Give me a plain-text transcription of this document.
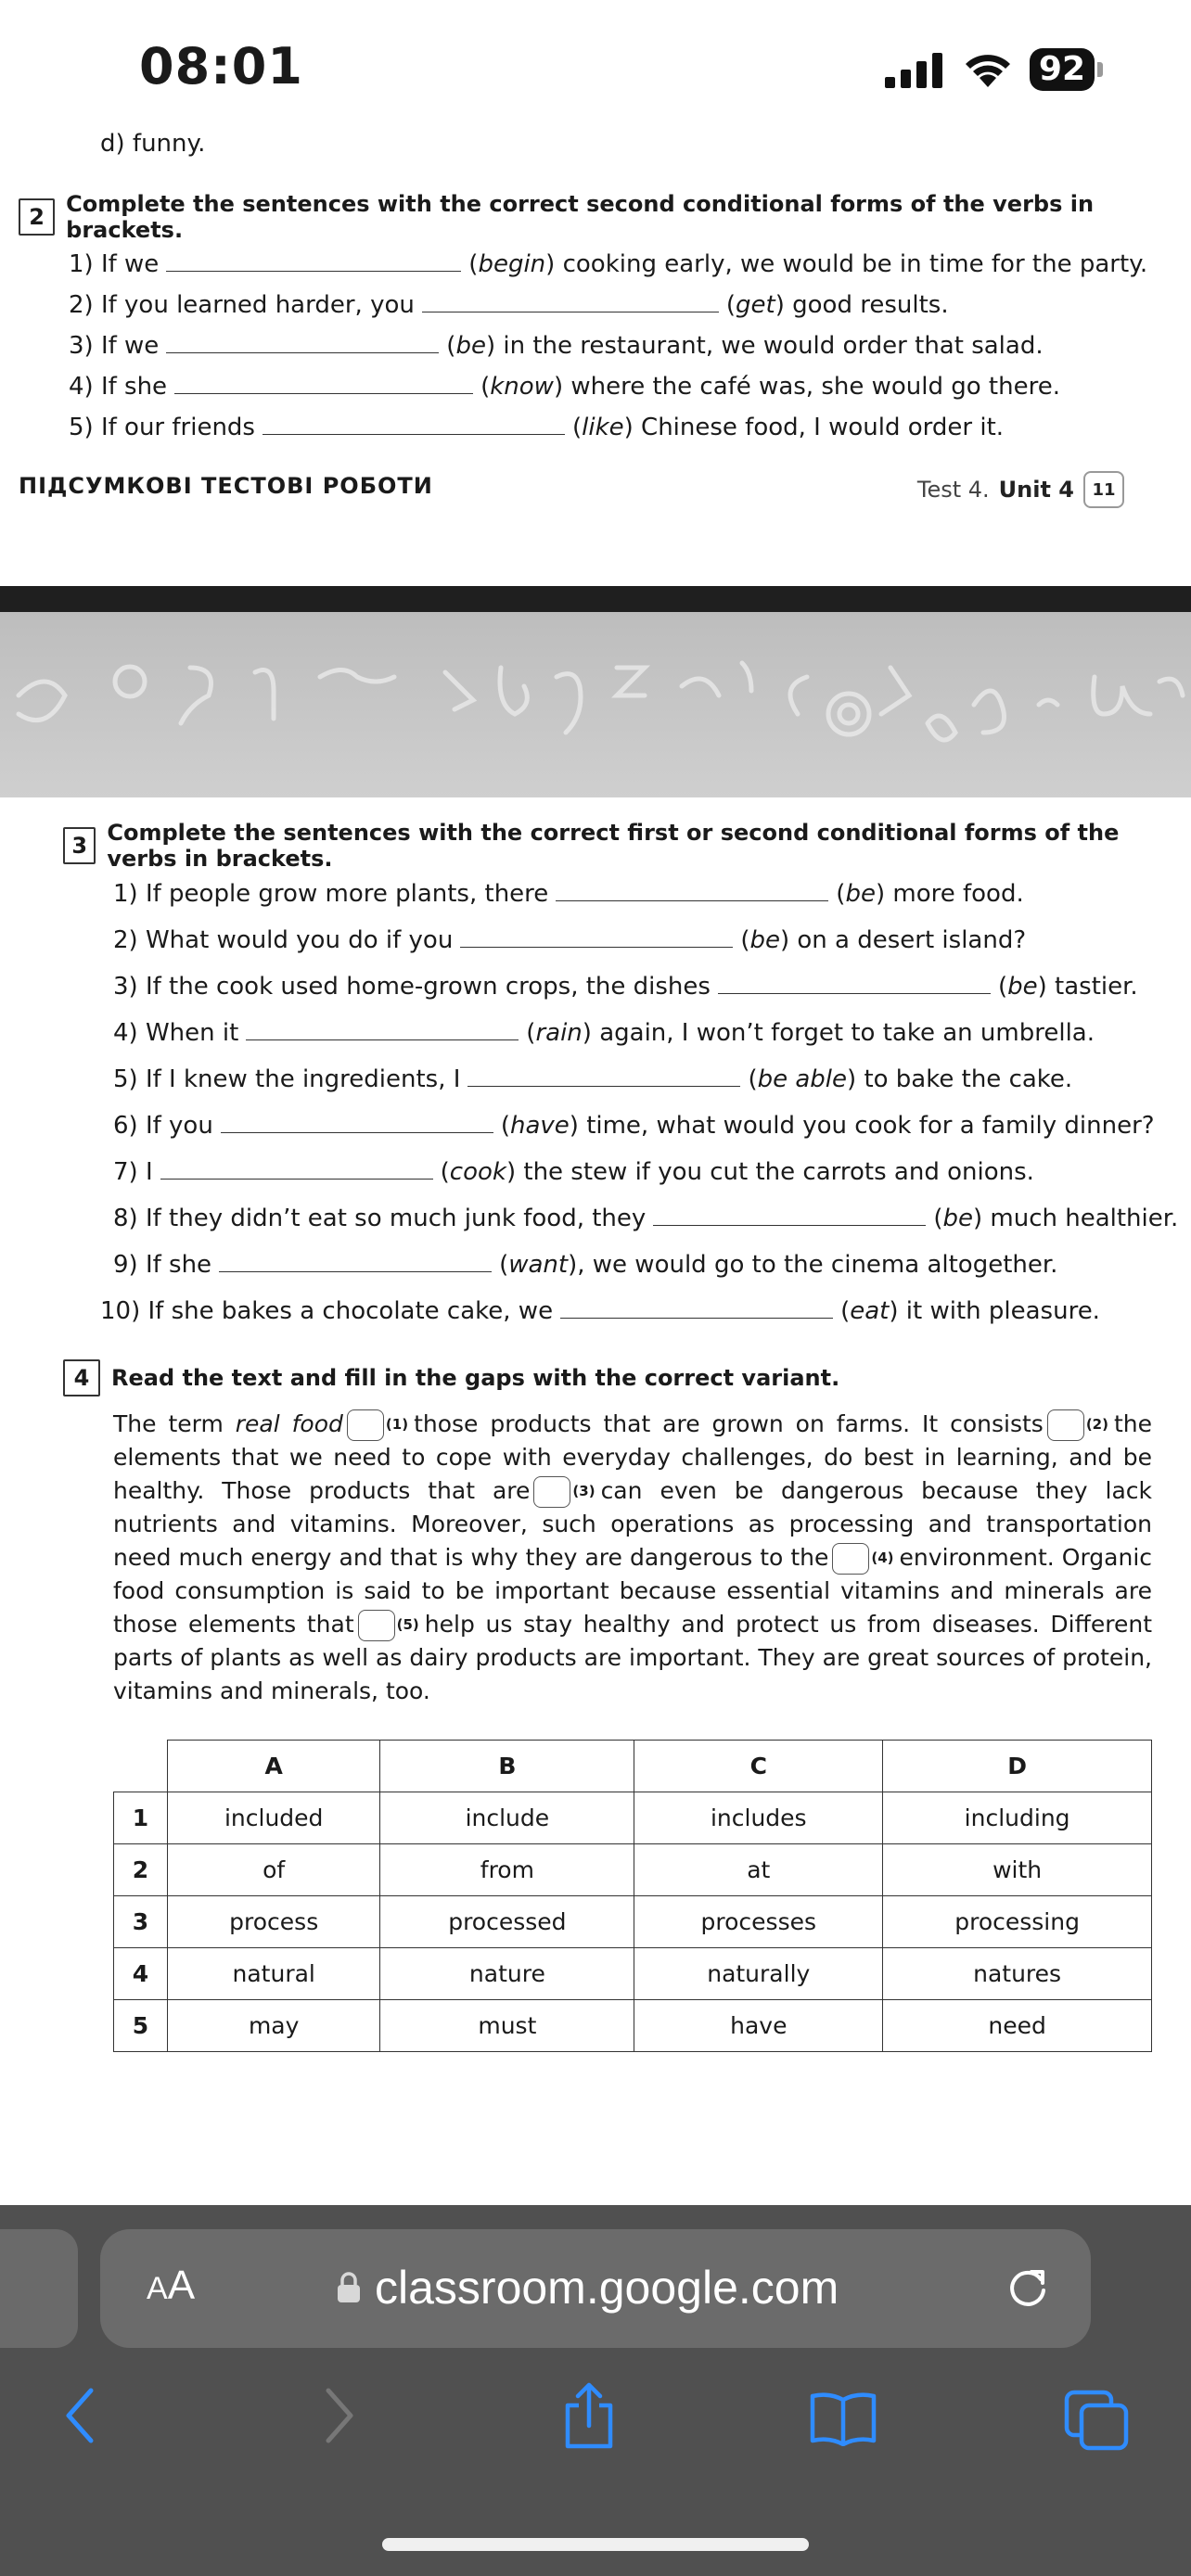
08:01	92
d) funny.
2 Complete the sentences with the correct second conditional forms of the verbs in brackets.
1) If we	( begin ) cooking early, we would be in time for the party.
2) If you learned harder, you	( get ) good results.
3) If we	( be ) in the restaurant, we would order that salad.
4) If she	( know ) where the café was, she would go there.
5) If our friends	( like ) Chinese food, I would order it.
ПІДСУМКОВІ ТЕСТОВІ РОБОТИ	Test 4. Unit 4	11
3 Complete the sentences with the correct first or second conditional forms of the verbs in brackets.
1) If people grow more plants, there	( be ) more food.
2) What would you do if you	( be ) on a desert island?
3) If the cook used home-grown crops, the dishes	( be ) tastier.
4) When it	( rain ) again, I won’t forget to take an umbrella.
5) If I knew the ingredients, I	( be able ) to bake the cake.
6) If you	( have ) time, what would you cook for a family dinner?
7) I	( cook ) the stew if you cut the carrots and onions.
8) If they didn’t eat so much junk food, they	( be ) much healthier.
9) If she	( want ) , we would go to the cinema altogether.
10) If she bakes a chocolate cake, we	( eat ) it with pleasure.
4 Read the text and fill in the gaps with the correct variant.

The term real food	$^{(1)}$ those products that are grown on farms. It consists	$^{(2)}$ the elements that we need to cope with everyday challenges, do best in learning, and be healthy. Those products that are	$^{(3)}$ can even be dangerous because they lack nutrients and vitamins. Moreover, such operations as processing and transportation need much energy and that is why they are dangerous to the	$^{(4)}$ environment. Organic food consumption is said to be important because essential vitamins and minerals are those elements that	$^{(5)}$ help us stay healthy and protect us from diseases. Different parts of plants as well as dairy products are important. They are great sources of protein, vitamins and minerals, too.

	A	B	C	D
1	included	include	includes	including
2	of	from	at	with
3	process	processed	processes	processing
4	natural	nature	naturally	natures
5	may	must	have	need
AA	classroom.google.com
